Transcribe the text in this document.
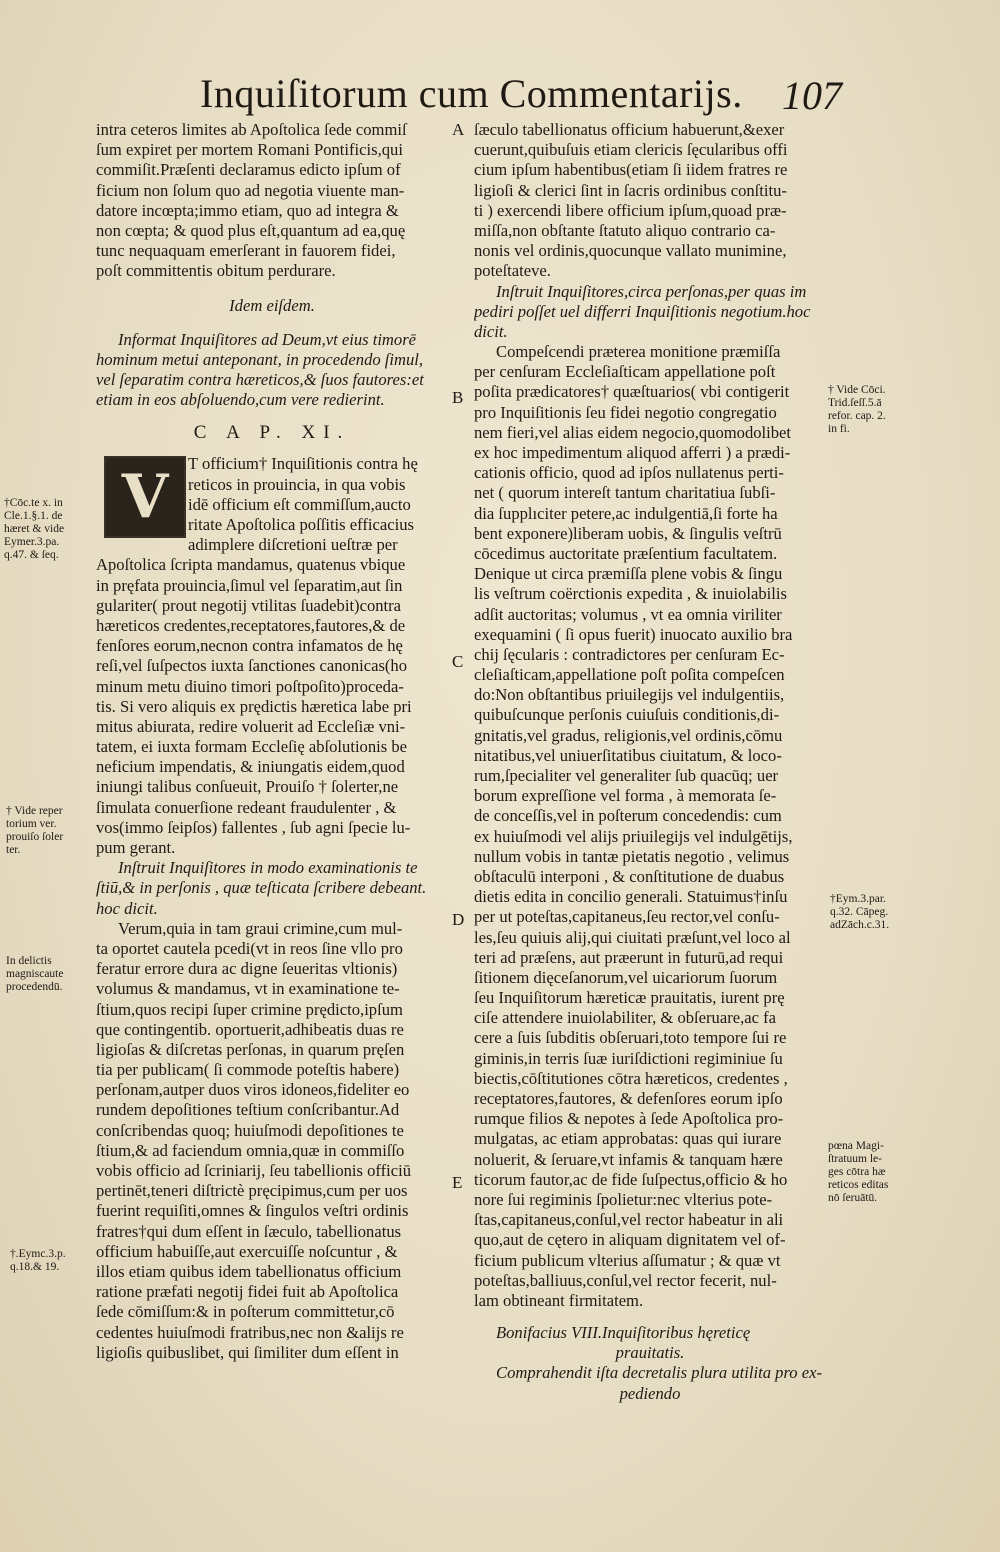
Inquiſitorum cum Commentarijs. 107
A
B
C
D
E
intra ceteros limites ab Apoſtolica ſede commiſ
ſum expiret per mortem Romani Pontificis,qui
commiſit.Præſenti declaramus edicto ipſum of
ficium non ſolum quo ad negotia viuente man-
datore incœpta;immo etiam, quo ad integra &
non cœpta; & quod plus eſt,quantum ad ea,quę
tunc nequaquam emerſerant in fauorem fidei,
poſt committentis obitum perdurare.
Idem eiſdem.
Informat Inquiſitores ad Deum,vt eius timorē
hominum metui anteponant, in procedendo ſimul,
vel ſeparatim contra hæreticos,& ſuos fautores:et
etiam in eos abſoluendo,cum vere redierint.
C A P. XI.
V	T officium† Inquiſitionis contra hę
reticos in prouincia, in qua vobis
idē officium eſt commiſſum,aucto
ritate Apoſtolica poſſitis efficacius
adimplere diſcretioni ueſtræ per
Apoſtolica ſcripta mandamus, quatenus vbique
in pręfata prouincia,ſimul vel ſeparatim,aut ſin
gulariter( prout negotij vtilitas ſuadebit)contra
hæreticos credentes,receptatores,fautores,& de
fenſores eorum,necnon contra infamatos de hę
reſi,vel ſuſpectos iuxta ſanctiones canonicas(ho
minum metu diuino timori poſtpoſito)proceda-
tis. Si vero aliquis ex prędictis hæretica labe pri
mitus abiurata, redire voluerit ad Eccleſiæ vni-
tatem, ei iuxta formam Eccleſię abſolutionis be
neficium impendatis, & iniungatis eidem,quod
iniungi talibus conſueuit, Prouiſo † ſolerter,ne
ſimulata conuerſione redeant fraudulenter , &
vos(immo ſeipſos) fallentes , ſub agni ſpecie lu-
pum gerant.
Inſtruit Inquiſitores in modo examinationis te
ſtiū,& in perſonis , quæ teſticata ſcribere debeant.
hoc dicit.
Verum,quia in tam graui crimine,cum mul-
ta oportet cautela pcedi(vt in reos ſine vllo pro
feratur errore dura ac digne ſeueritas vltionis)
volumus & mandamus, vt in examinatione te-
ſtium,quos recipi ſuper crimine prędicto,ipſum
que contingentib. oportuerit,adhibeatis duas re
ligioſas & diſcretas perſonas, in quarum pręſen
tia per publicam( ſi commode poteſtis habere)
perſonam,autper duos viros idoneos,fideliter eo
rundem depoſitiones teſtium conſcribantur.Ad
conſcribendas quoq; huiuſmodi depoſitiones te
ſtium,& ad faciendum omnia,quæ in commiſſo
vobis officio ad ſcriniarij, ſeu tabellionis officiū
pertinēt,teneri diſtrictè pręcipimus,cum per uos
fuerint requiſiti,omnes & ſingulos veſtri ordinis
fratres†qui dum eſſent in ſæculo, tabellionatus
officium habuiſſe,aut exercuiſſe noſcuntur , &
illos etiam quibus idem tabellionatus officium
ratione præfati negotij fidei fuit ab Apoſtolica
ſede cōmiſſum:& in poſterum committetur,cō
cedentes huiuſmodi fratribus,nec non &alijs re
ligioſis quibuslibet, qui ſimiliter dum eſſent in
ſæculo tabellionatus officium habuerunt,&exer
cuerunt,quibuſuis etiam clericis ſęcularibus offi
cium ipſum habentibus(etiam ſi iidem fratres re
ligioſi & clerici ſint in ſacris ordinibus conſtitu-
ti ) exercendi libere officium ipſum,quoad præ-
miſſa,non obſtante ſtatuto aliquo contrario ca-
nonis vel ordinis,quocunque vallato munimine,
poteſtateve.
Inſtruit Inquiſitores,circa perſonas,per quas im
pediri poſſet uel differri Inquiſitionis negotium.hoc
dicit.
Compeſcendi præterea monitione præmiſſa
per cenſuram Eccleſiaſticam appellatione poſt
poſita prædicatores† quæſtuarios( vbi contigerit
pro Inquiſitionis ſeu fidei negotio congregatio
nem fieri,vel alias eidem negocio,quomodolibet
ex hoc impedimentum aliquod afferri ) a prædi-
cationis officio, quod ad ipſos nullatenus perti-
net ( quorum intereſt tantum charitatiua ſubſi-
dia ſupplıciter petere,ac indulgentiā,ſi forte ha
bent exponere)liberam uobis, & ſingulis veſtrū
cōcedimus auctoritate præſentium facultatem.
Denique ut circa præmiſſa plene vobis & ſingu
lis veſtrum coërctionis expedita , & inuiolabilis
adſit auctoritas; volumus , vt ea omnia viriliter
exequamini ( ſi opus fuerit) inuocato auxilio bra
chij ſęcularis : contradictores per cenſuram Ec-
cleſiaſticam,appellatione poſt poſita compeſcen
do:Non obſtantibus priuilegijs vel indulgentiis,
quibuſcunque perſonis cuiuſuis conditionis,di-
gnitatis,vel gradus, religionis,vel ordinis,cōmu
nitatibus,vel uniuerſitatibus ciuitatum, & loco-
rum,ſpecialiter vel generaliter ſub quacūq; uer
borum expreſſione vel forma , à memorata ſe-
de conceſſis,vel in poſterum concedendis: cum
ex huiuſmodi vel alijs priuilegijs vel indulgētijs,
nullum vobis in tantæ pietatis negotio , velimus
obſtaculū interponi , & conſtitutione de duabus
dietis edita in concilio generali. Statuimus†inſu
per ut poteſtas,capitaneus,ſeu rector,vel conſu-
les,ſeu quiuis alij,qui ciuitati præſunt,vel loco al
teri ad præſens, aut præerunt in futurū,ad requi
ſitionem dięceſanorum,vel uicariorum ſuorum
ſeu Inquiſitorum hæreticæ prauitatis, iurent prę
ciſe attendere inuiolabiliter, & obſeruare,ac fa
cere a ſuis ſubditis obſeruari,toto tempore ſui re
giminis,in terris ſuæ iuriſdictioni regiminiue ſu
biectis,cōſtitutiones cōtra hæreticos, credentes ,
receptatores,fautores, & defenſores eorum ipſo
rumque filios & nepotes à ſede Apoſtolica pro-
mulgatas, ac etiam approbatas: quas qui iurare
noluerit, & ſeruare,vt infamis & tanquam hære
ticorum fautor,ac de fide ſuſpectus,officio & ho
nore ſui regiminis ſpolietur:nec vlterius pote-
ſtas,capitaneus,conſul,vel rector habeatur in ali
quo,aut de cętero in aliquam dignitatem vel of-
ficium publicum vlterius aſſumatur ; & quæ vt
poteſtas,balliuus,conſul,vel rector fecerit, nul-
lam obtineant firmitatem.
Bonifacius VIII.Inquiſitoribus hęreticę
prauitatis.
Comprahendit iſta decretalis plura utilita pro ex-
pediendo
†Cōc.te x. in
Cle.1.§.1. de
hæret & vide
Eymer.3.pa.
q.47. & ſeq.
† Vide reper
torium ver.
prouiſo ſoler
ter.
In delictis
magniscaute
procedendū.
†.Eymc.3.p.
q.18.& 19.
† Vide Cōci.
Trid.ſeſſ.5.ā
refor. cap. 2.
in fi.
†Eym.3.par.
q.32. Cāpeg.
adZāch.c.31.
pœna Magi-
ſtratuum le-
ges cōtra hæ
reticos editas
nō ſeruātū.
